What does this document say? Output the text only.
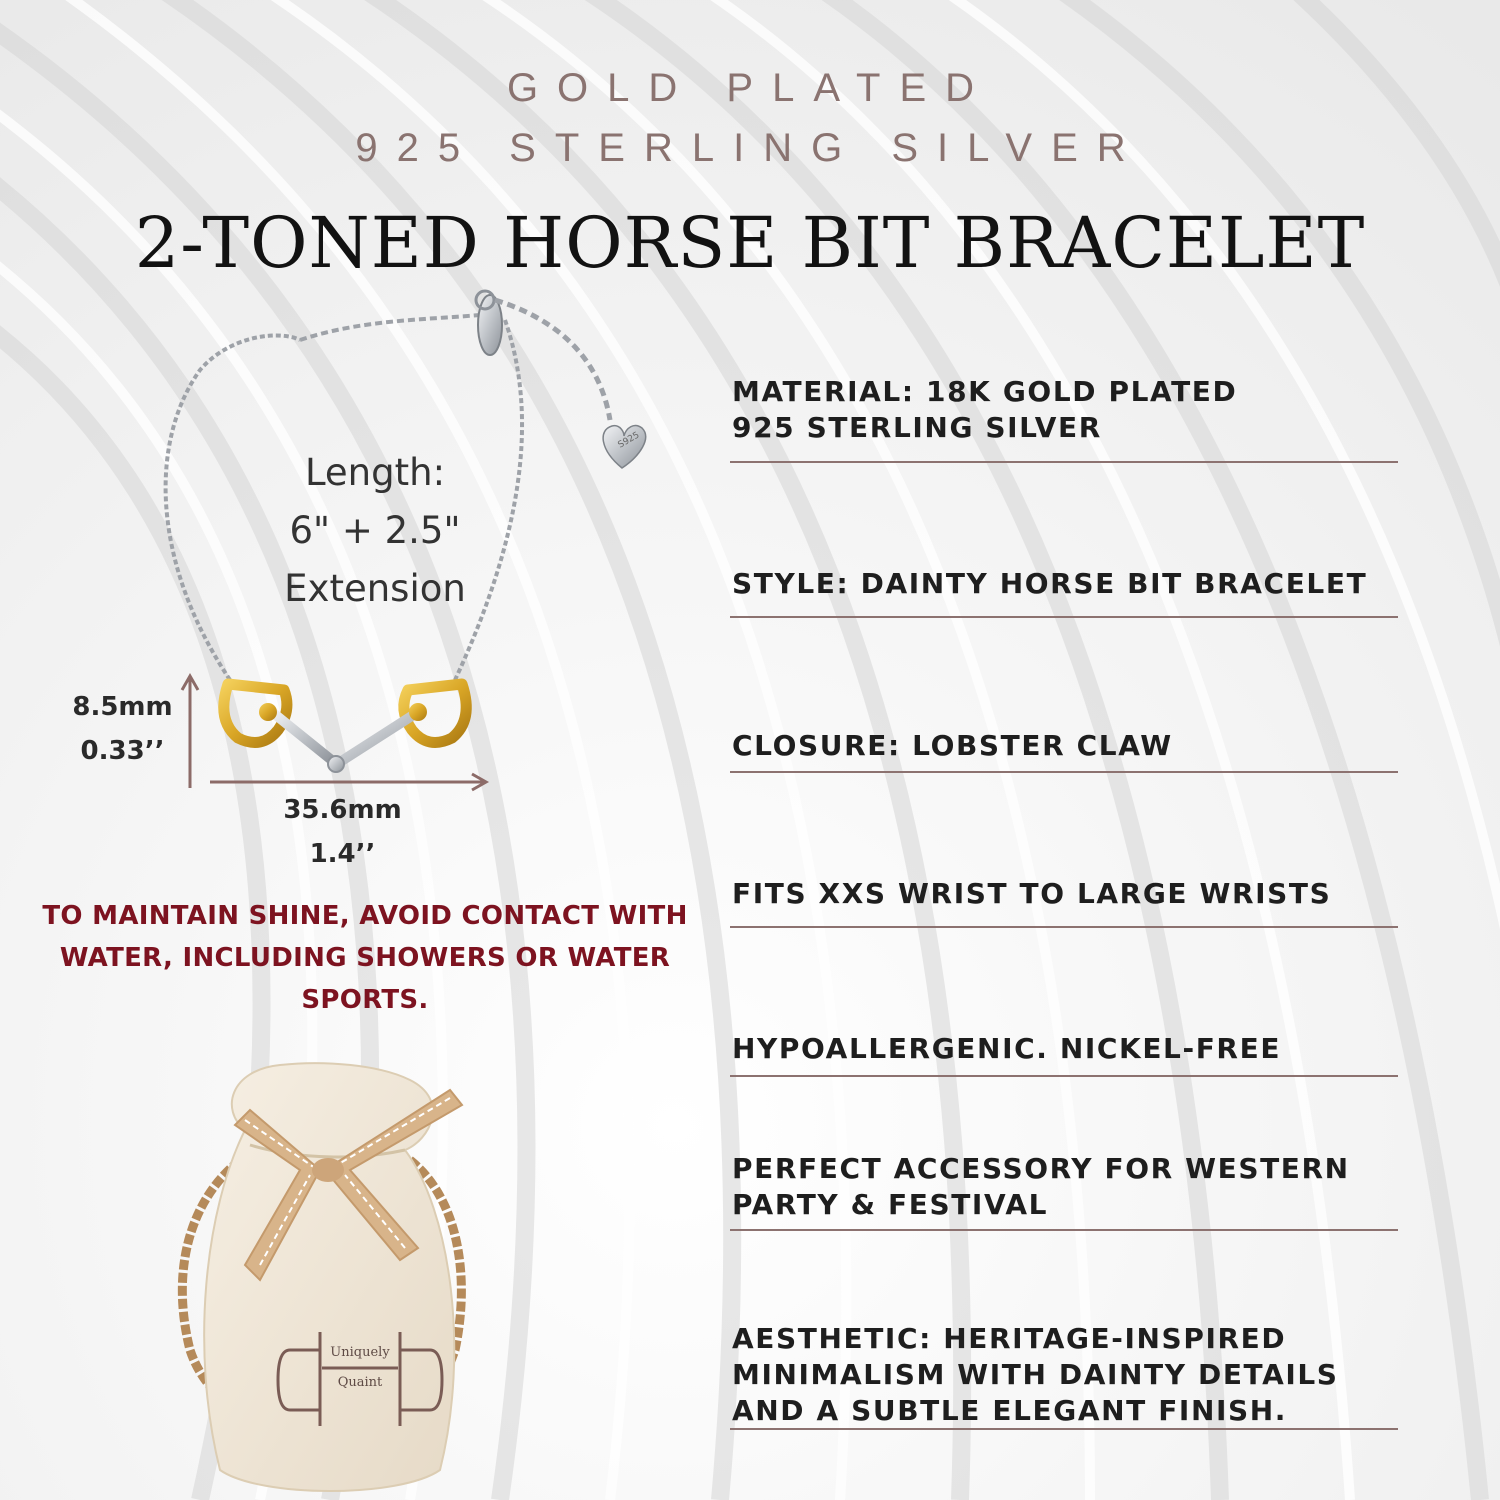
GOLD PLATED
925 STERLING SILVER
2-TONED HORSE BIT BRACELET
S925
Length:
6" + 2.5"
Extension
8.5mm
0.33’’
35.6mm
1.4’’
TO MAINTAIN SHINE, AVOID CONTACT WITH WATER, INCLUDING SHOWERS OR WATER SPORTS.
Uniquely
Quaint
MATERIAL: 18K GOLD PLATED
925 STERLING SILVER
STYLE: DAINTY HORSE BIT BRACELET
CLOSURE: LOBSTER CLAW
FITS XXS WRIST TO LARGE WRISTS
HYPOALLERGENIC. NICKEL-FREE
PERFECT ACCESSORY FOR WESTERN
PARTY & FESTIVAL
AESTHETIC: HERITAGE-INSPIRED
MINIMALISM WITH DAINTY DETAILS
AND A SUBTLE ELEGANT FINISH.
